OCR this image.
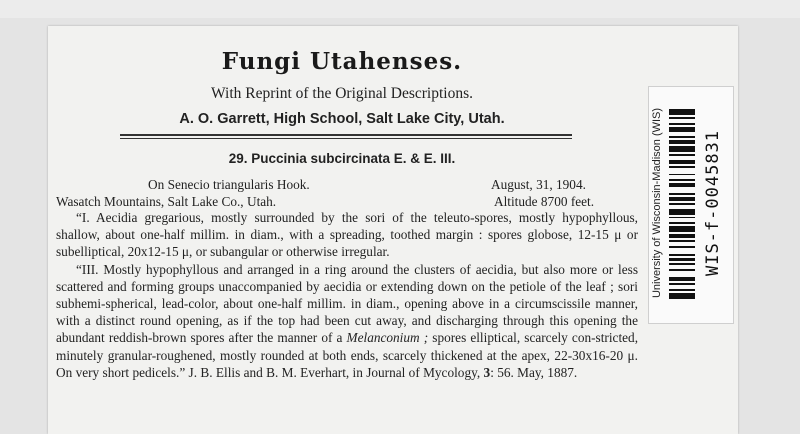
Fungi Utahenses.
With Reprint of the Original Descriptions.
A. O. Garrett, High School, Salt Lake City, Utah.
29. Puccinia subcircinata E. & E. III.
On Senecio triangularis Hook.	August, 31, 1904.
Wasatch Mountains, Salt Lake Co., Utah.	Altitude 8700 feet.

“I. Aecidia gregarious, mostly surrounded by the sori of the teleuto-spores, mostly hypophyllous, shallow, about one-half millim. in diam., with a spreading, toothed margin : spores globose, 12-15 μ or subelliptical, 20x12-15 μ, or subangular or otherwise irregular.

“III. Mostly hypophyllous and arranged in a ring around the clusters of aecidia, but also more or less scattered and forming groups unaccompanied by aecidia or extending down on the petiole of the leaf ; sori subhemi-spherical, lead-color, about one-half millim. in diam., opening above in a circumscissile manner, with a distinct round opening, as if the top had been cut away, and discharging through this opening the abundant reddish-brown spores after the manner of a Melanconium ; spores elliptical, scarcely con-stricted, minutely granular-roughened, mostly rounded at both ends, scarcely thickened at the apex, 22-30x16-20 μ. On very short pedicels.” J. B. Ellis and B. M. Everhart, in Journal of Mycology, 3: 56. May, 1887.

University of Wisconsin-Madison (WIS) WIS-f-0045831
